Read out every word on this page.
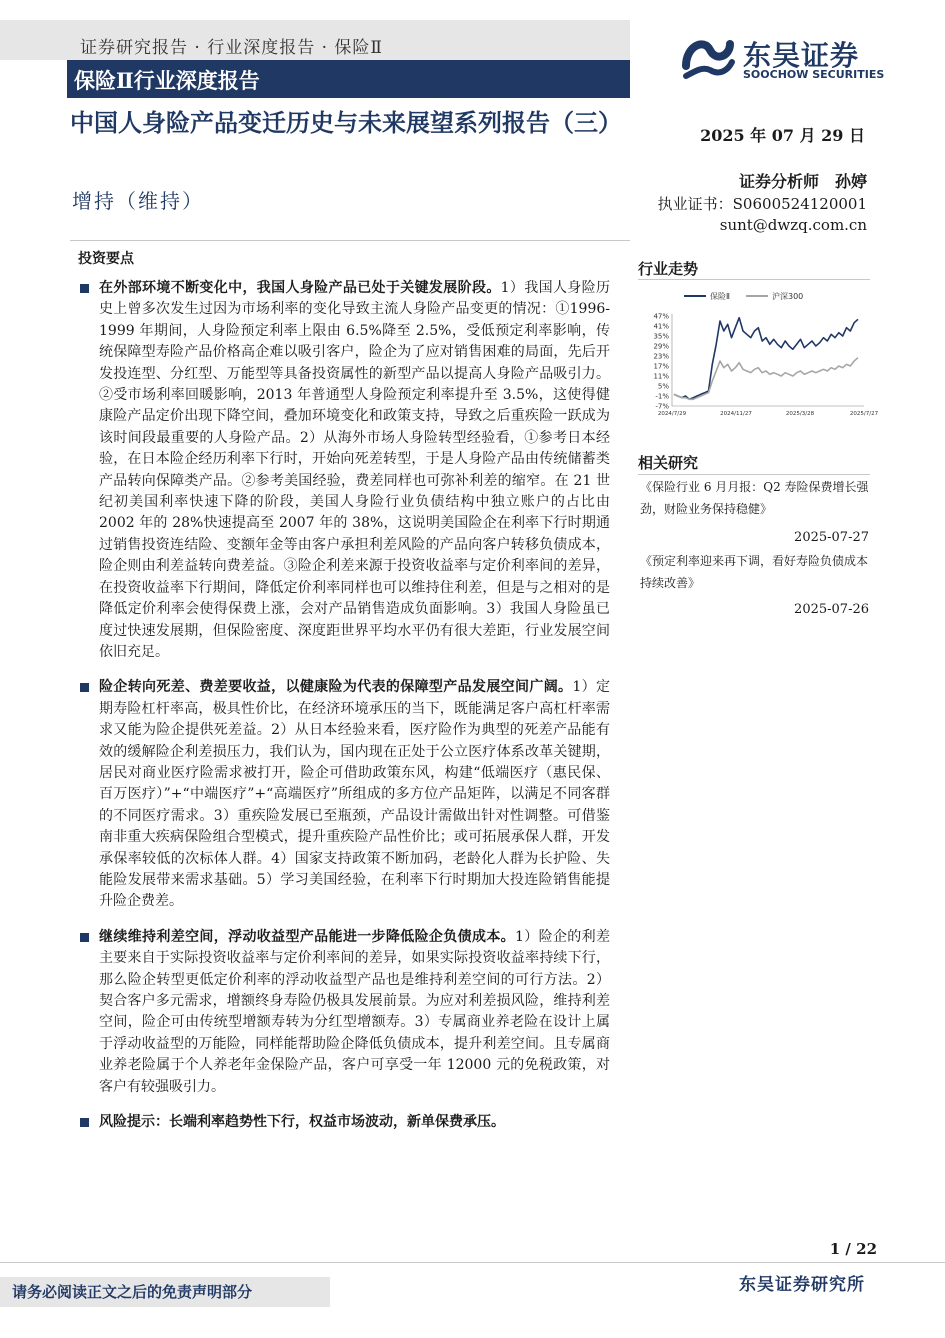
证券研究报告 · 行业深度报告 · 保险Ⅱ
保险Ⅱ行业深度报告
中国人身险产品变迁历史与未来展望系列报告（三）
增持（维持）
东吴证券
SOOCHOW SECURITIES
2025 年 07 月 29 日
证券分析师　孙婷
执业证书：S0600524120001
sunt@dwzq.com.cn
投资要点
在外部环境不断变化中，我国人身险产品已处于关键发展阶段。1）我国人身险历史上曾多次发生过因为市场利率的变化导致主流人身险产品变更的情况：①1996-1999 年期间，人身险预定利率上限由 6.5%降至 2.5%，受低预定利率影响，传统保障型寿险产品价格高企难以吸引客户，险企为了应对销售困难的局面，先后开发投连型、分红型、万能型等具备投资属性的新型产品以提高人身险产品吸引力。②受市场利率回暖影响，2013 年普通型人身险预定利率提升至 3.5%，这使得健康险产品定价出现下降空间，叠加环境变化和政策支持，导致之后重疾险一跃成为该时间段最重要的人身险产品。2）从海外市场人身险转型经验看，①参考日本经验，在日本险企经历利率下行时，开始向死差转型，于是人身险产品由传统储蓄类产品转向保障类产品。②参考美国经验，费差同样也可弥补利差的缩窄。在 21 世纪初美国利率快速下降的阶段，美国人身险行业负债结构中独立账户的占比由 2002 年的 28%快速提高至 2007 年的 38%，这说明美国险企在利率下行时期通过销售投资连结险、变额年金等由客户承担利差风险的产品向客户转移负债成本，险企则由利差益转向费差益。③险企利差来源于投资收益率与定价利率间的差异，在投资收益率下行期间，降低定价利率同样也可以维持住利差，但是与之相对的是降低定价利率会使得保费上涨，会对产品销售造成负面影响。3）我国人身险虽已度过快速发展期，但保险密度、深度距世界平均水平仍有很大差距，行业发展空间依旧充足。
险企转向死差、费差要收益，以健康险为代表的保障型产品发展空间广阔。1）定期寿险杠杆率高，极具性价比，在经济环境承压的当下，既能满足客户高杠杆率需求又能为险企提供死差益。2）从日本经验来看，医疗险作为典型的死差产品能有效的缓解险企利差损压力，我们认为，国内现在正处于公立医疗体系改革关键期，居民对商业医疗险需求被打开，险企可借助政策东风，构建“低端医疗（惠民保、百万医疗）”+“中端医疗”+“高端医疗”所组成的多方位产品矩阵，以满足不同客群的不同医疗需求。3）重疾险发展已至瓶颈，产品设计需做出针对性调整。可借鉴南非重大疾病保险组合型模式，提升重疾险产品性价比；或可拓展承保人群，开发承保率较低的次标体人群。4）国家支持政策不断加码，老龄化人群为长护险、失能险发展带来需求基础。5）学习美国经验，在利率下行时期加大投连险销售能提升险企费差。
继续维持利差空间，浮动收益型产品能进一步降低险企负债成本。1）险企的利差主要来自于实际投资收益率与定价利率间的差异，如果实际投资收益率持续下行，那么险企转型更低定价利率的浮动收益型产品也是维持利差空间的可行方法。2）契合客户多元需求，增额终身寿险仍极具发展前景。为应对利差损风险，维持利差空间，险企可由传统型增额寿转为分红型增额寿。3）专属商业养老险在设计上属于浮动收益型的万能险，同样能帮助险企降低负债成本，提升利差空间。且专属商业养老险属于个人养老年金保险产品，客户可享受一年 12000 元的免税政策，对客户有较强吸引力。
风险提示：长端利率趋势性下行，权益市场波动，新单保费承压。
行业走势
保险Ⅱ	沪深300
47%
41%
35%
29%
23%
17%
11%
5%
-1%
-7%
2024/7/29	2024/11/27	2025/3/28	2025/7/27
相关研究
《保险行业 6 月月报：Q2 寿险保费增长强劲，财险业务保持稳健》
2025-07-27
《预定利率迎来再下调，看好寿险负债成本持续改善》
2025-07-26
1 / 22
请务必阅读正文之后的免责声明部分	东吴证券研究所
